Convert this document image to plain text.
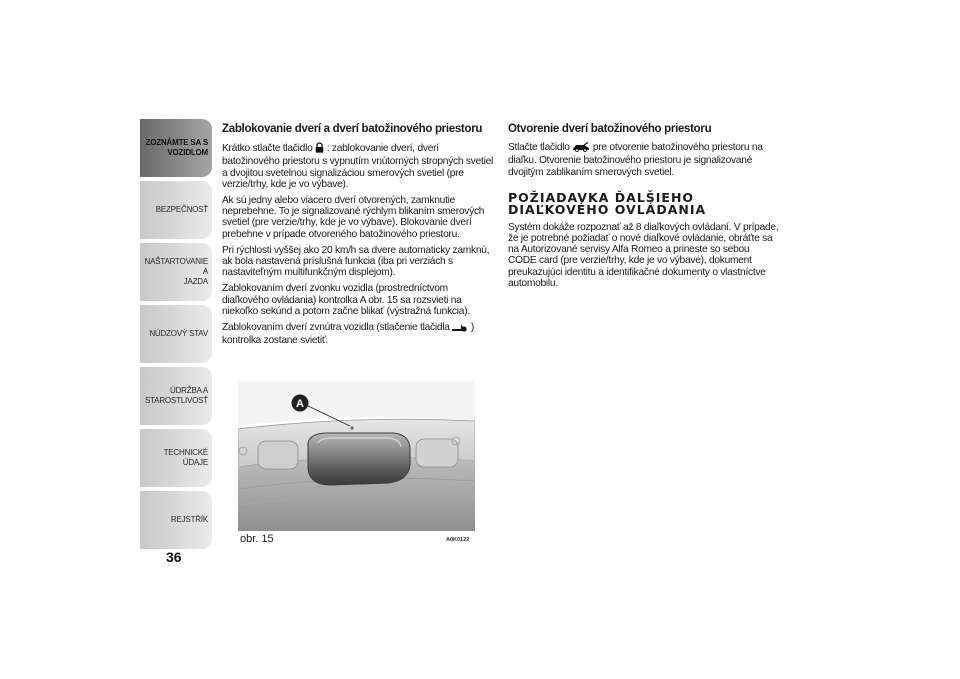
ZOZNÁMTE SA S
VOZIDLOM
BEZPEČNOSŤ
NAŠTARTOVANIE A
JAZDA
NÚDZOVÝ STAV
ÚDRŽBA A
STAROSTLIVOSŤ
TECHNICKÉ ÚDAJE
REJSTŘÍK
36
Zablokovanie dverí a dverí batožinového priestoru

Krátko stlačte tlačidlo : zablokovanie dverí, dverí batožinového priestoru s vypnutím vnútorných stropných svetiel a dvojitou svetelnou signalizáciou smerových svetiel (pre verzie/trhy, kde je vo výbave).

Ak sú jedny alebo viacero dverí otvorených, zamknutie neprebehne. To je signalizované rýchlym blikaním smerových svetiel (pre verzie/trhy, kde je vo výbave). Blokovanie dverí prebehne v prípade otvoreného batožinového priestoru.

Pri rýchlosti vyššej ako 20 km/h sa dvere automaticky zamknú, ak bola nastavená príslušná funkcia (iba pri verziách s nastaviteľným multifunkčným displejom).

Zablokovaním dverí zvonku vozidla (prostredníctvom diaľkového ovládania) kontrolka A obr. 15 sa rozsvieti na niekoľko sekúnd a potom začne blikať (výstražná funkcia).

Zablokovaním dverí zvnútra vozidla (stlačenie tlačidla ) kontrolka zostane svietiť.

Otvorenie dverí batožinového priestoru

Stlačte tlačidlo pre otvorenie batožinového priestoru na diaľku. Otvorenie batožinového priestoru je signalizované dvojitým zablikaním smerových svetiel.

POŽIADAVKA ĎALŠIEHO DIAĽKOVÉHO OVLÁDANIA

Systém dokáže rozpoznať až 8 diaľkových ovládaní. V prípade, že je potrebné požiadať o nové diaľkové ovládanie, obráťte sa na Autorizované servisy Alfa Romeo a prineste so sebou CODE card (pre verzie/trhy, kde je vo výbave), dokument preukazujúci identitu a identifikačné dokumenty o vlastníctve automobilu.

A
obr. 15	A0K0122
